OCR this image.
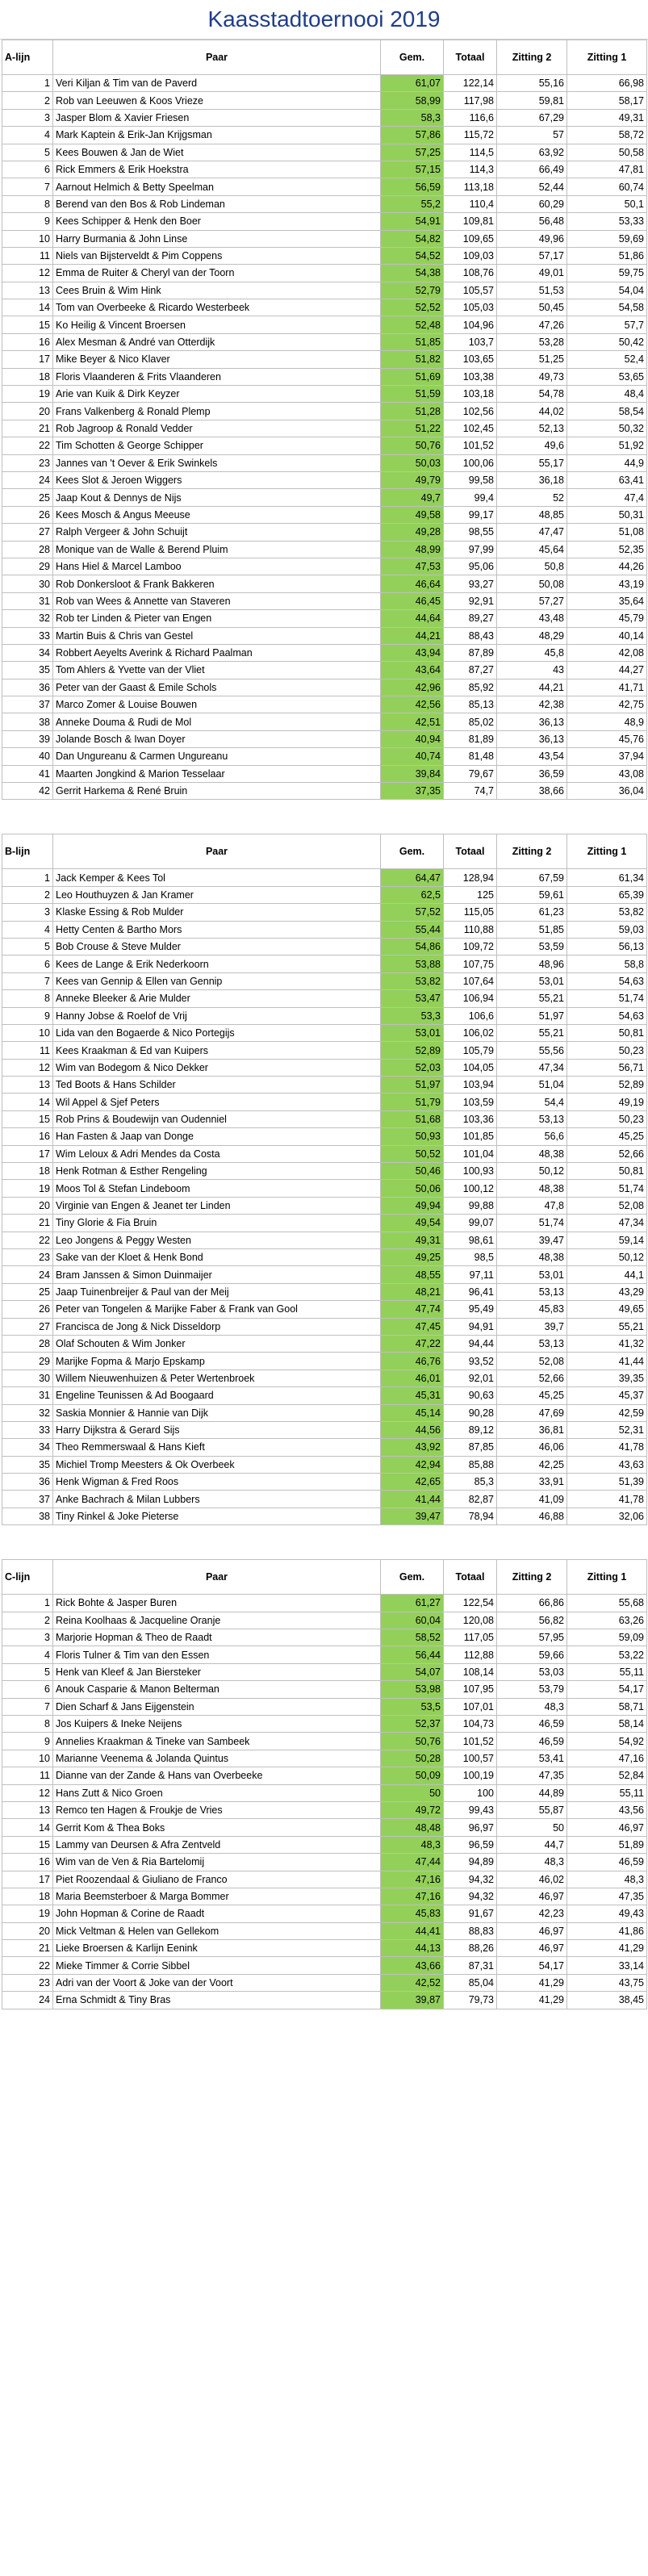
Kaasstadtoernooi 2019
A-lijn	Paar	Gem.	Totaal	Zitting 2	Zitting 1
1	Veri Kiljan & Tim van de Paverd	61,07	122,14	55,16	66,98
2	Rob van Leeuwen & Koos Vrieze	58,99	117,98	59,81	58,17
3	Jasper Blom & Xavier Friesen	58,3	116,6	67,29	49,31
4	Mark Kaptein & Erik-Jan Krijgsman	57,86	115,72	57	58,72
5	Kees Bouwen & Jan de Wiet	57,25	114,5	63,92	50,58
6	Rick Emmers & Erik Hoekstra	57,15	114,3	66,49	47,81
7	Aarnout Helmich & Betty Speelman	56,59	113,18	52,44	60,74
8	Berend van den Bos & Rob Lindeman	55,2	110,4	60,29	50,1
9	Kees Schipper & Henk den Boer	54,91	109,81	56,48	53,33
10	Harry Burmania & John Linse	54,82	109,65	49,96	59,69
11	Niels van Bijsterveldt & Pim Coppens	54,52	109,03	57,17	51,86
12	Emma de Ruiter & Cheryl van der Toorn	54,38	108,76	49,01	59,75
13	Cees Bruin & Wim Hink	52,79	105,57	51,53	54,04
14	Tom van Overbeeke & Ricardo Westerbeek	52,52	105,03	50,45	54,58
15	Ko Heilig & Vincent Broersen	52,48	104,96	47,26	57,7
16	Alex Mesman & André van Otterdijk	51,85	103,7	53,28	50,42
17	Mike Beyer & Nico Klaver	51,82	103,65	51,25	52,4
18	Floris Vlaanderen & Frits Vlaanderen	51,69	103,38	49,73	53,65
19	Arie van Kuik & Dirk Keyzer	51,59	103,18	54,78	48,4
20	Frans Valkenberg & Ronald Plemp	51,28	102,56	44,02	58,54
21	Rob Jagroop & Ronald Vedder	51,22	102,45	52,13	50,32
22	Tim Schotten & George Schipper	50,76	101,52	49,6	51,92
23	Jannes van 't Oever & Erik Swinkels	50,03	100,06	55,17	44,9
24	Kees Slot & Jeroen Wiggers	49,79	99,58	36,18	63,41
25	Jaap Kout & Dennys de Nijs	49,7	99,4	52	47,4
26	Kees Mosch & Angus Meeuse	49,58	99,17	48,85	50,31
27	Ralph Vergeer & John Schuijt	49,28	98,55	47,47	51,08
28	Monique van de Walle & Berend Pluim	48,99	97,99	45,64	52,35
29	Hans Hiel & Marcel Lamboo	47,53	95,06	50,8	44,26
30	Rob Donkersloot & Frank Bakkeren	46,64	93,27	50,08	43,19
31	Rob van Wees & Annette van Staveren	46,45	92,91	57,27	35,64
32	Rob ter Linden & Pieter van Engen	44,64	89,27	43,48	45,79
33	Martin Buis & Chris van Gestel	44,21	88,43	48,29	40,14
34	Robbert Aeyelts Averink & Richard Paalman	43,94	87,89	45,8	42,08
35	Tom Ahlers & Yvette van der Vliet	43,64	87,27	43	44,27
36	Peter van der Gaast & Emile Schols	42,96	85,92	44,21	41,71
37	Marco Zomer & Louise Bouwen	42,56	85,13	42,38	42,75
38	Anneke Douma & Rudi de Mol	42,51	85,02	36,13	48,9
39	Jolande Bosch & Iwan Doyer	40,94	81,89	36,13	45,76
40	Dan Ungureanu & Carmen Ungureanu	40,74	81,48	43,54	37,94
41	Maarten Jongkind & Marion Tesselaar	39,84	79,67	36,59	43,08
42	Gerrit Harkema & René Bruin	37,35	74,7	38,66	36,04
B-lijn	Paar	Gem.	Totaal	Zitting 2	Zitting 1
1	Jack Kemper & Kees Tol	64,47	128,94	67,59	61,34
2	Leo Houthuyzen & Jan Kramer	62,5	125	59,61	65,39
3	Klaske Essing & Rob Mulder	57,52	115,05	61,23	53,82
4	Hetty Centen & Bartho Mors	55,44	110,88	51,85	59,03
5	Bob Crouse & Steve Mulder	54,86	109,72	53,59	56,13
6	Kees de Lange & Erik Nederkoorn	53,88	107,75	48,96	58,8
7	Kees van Gennip & Ellen van Gennip	53,82	107,64	53,01	54,63
8	Anneke Bleeker & Arie Mulder	53,47	106,94	55,21	51,74
9	Hanny Jobse & Roelof de Vrij	53,3	106,6	51,97	54,63
10	Lida van den Bogaerde & Nico Portegijs	53,01	106,02	55,21	50,81
11	Kees Kraakman & Ed van Kuipers	52,89	105,79	55,56	50,23
12	Wim van Bodegom & Nico Dekker	52,03	104,05	47,34	56,71
13	Ted Boots & Hans Schilder	51,97	103,94	51,04	52,89
14	Wil Appel & Sjef Peters	51,79	103,59	54,4	49,19
15	Rob Prins & Boudewijn van Oudenniel	51,68	103,36	53,13	50,23
16	Han Fasten & Jaap van Donge	50,93	101,85	56,6	45,25
17	Wim Leloux & Adri Mendes da Costa	50,52	101,04	48,38	52,66
18	Henk Rotman & Esther Rengeling	50,46	100,93	50,12	50,81
19	Moos Tol & Stefan Lindeboom	50,06	100,12	48,38	51,74
20	Virginie van Engen & Jeanet ter Linden	49,94	99,88	47,8	52,08
21	Tiny Glorie & Fia Bruin	49,54	99,07	51,74	47,34
22	Leo Jongens & Peggy Westen	49,31	98,61	39,47	59,14
23	Sake van der Kloet & Henk Bond	49,25	98,5	48,38	50,12
24	Bram Janssen & Simon Duinmaijer	48,55	97,11	53,01	44,1
25	Jaap Tuinenbreijer & Paul van der Meij	48,21	96,41	53,13	43,29
26	Peter van Tongelen & Marijke Faber & Frank van Gool	47,74	95,49	45,83	49,65
27	Francisca de Jong & Nick Disseldorp	47,45	94,91	39,7	55,21
28	Olaf Schouten & Wim Jonker	47,22	94,44	53,13	41,32
29	Marijke Fopma & Marjo Epskamp	46,76	93,52	52,08	41,44
30	Willem Nieuwenhuizen & Peter Wertenbroek	46,01	92,01	52,66	39,35
31	Engeline Teunissen & Ad Boogaard	45,31	90,63	45,25	45,37
32	Saskia Monnier & Hannie van Dijk	45,14	90,28	47,69	42,59
33	Harry Dijkstra & Gerard Sijs	44,56	89,12	36,81	52,31
34	Theo Remmerswaal & Hans Kieft	43,92	87,85	46,06	41,78
35	Michiel Tromp Meesters & Ok Overbeek	42,94	85,88	42,25	43,63
36	Henk Wigman & Fred Roos	42,65	85,3	33,91	51,39
37	Anke Bachrach & Milan Lubbers	41,44	82,87	41,09	41,78
38	Tiny Rinkel & Joke Pieterse	39,47	78,94	46,88	32,06
C-lijn	Paar	Gem.	Totaal	Zitting 2	Zitting 1
1	Rick Bohte & Jasper Buren	61,27	122,54	66,86	55,68
2	Reina Koolhaas & Jacqueline Oranje	60,04	120,08	56,82	63,26
3	Marjorie Hopman & Theo de Raadt	58,52	117,05	57,95	59,09
4	Floris Tulner & Tim van den Essen	56,44	112,88	59,66	53,22
5	Henk van Kleef & Jan Biersteker	54,07	108,14	53,03	55,11
6	Anouk Casparie & Manon Belterman	53,98	107,95	53,79	54,17
7	Dien Scharf & Jans Eijgenstein	53,5	107,01	48,3	58,71
8	Jos Kuipers & Ineke Neijens	52,37	104,73	46,59	58,14
9	Annelies Kraakman & Tineke van Sambeek	50,76	101,52	46,59	54,92
10	Marianne Veenema & Jolanda Quintus	50,28	100,57	53,41	47,16
11	Dianne van der Zande & Hans van Overbeeke	50,09	100,19	47,35	52,84
12	Hans Zutt & Nico Groen	50	100	44,89	55,11
13	Remco ten Hagen & Froukje de Vries	49,72	99,43	55,87	43,56
14	Gerrit Kom & Thea Boks	48,48	96,97	50	46,97
15	Lammy van Deursen & Afra Zentveld	48,3	96,59	44,7	51,89
16	Wim van de Ven & Ria Bartelomij	47,44	94,89	48,3	46,59
17	Piet Roozendaal & Giuliano de Franco	47,16	94,32	46,02	48,3
18	Maria Beemsterboer & Marga Bommer	47,16	94,32	46,97	47,35
19	John Hopman & Corine de Raadt	45,83	91,67	42,23	49,43
20	Mick Veltman & Helen van Gellekom	44,41	88,83	46,97	41,86
21	Lieke Broersen & Karlijn Eenink	44,13	88,26	46,97	41,29
22	Mieke Timmer & Corrie Sibbel	43,66	87,31	54,17	33,14
23	Adri van der Voort & Joke van der Voort	42,52	85,04	41,29	43,75
24	Erna Schmidt & Tiny Bras	39,87	79,73	41,29	38,45
